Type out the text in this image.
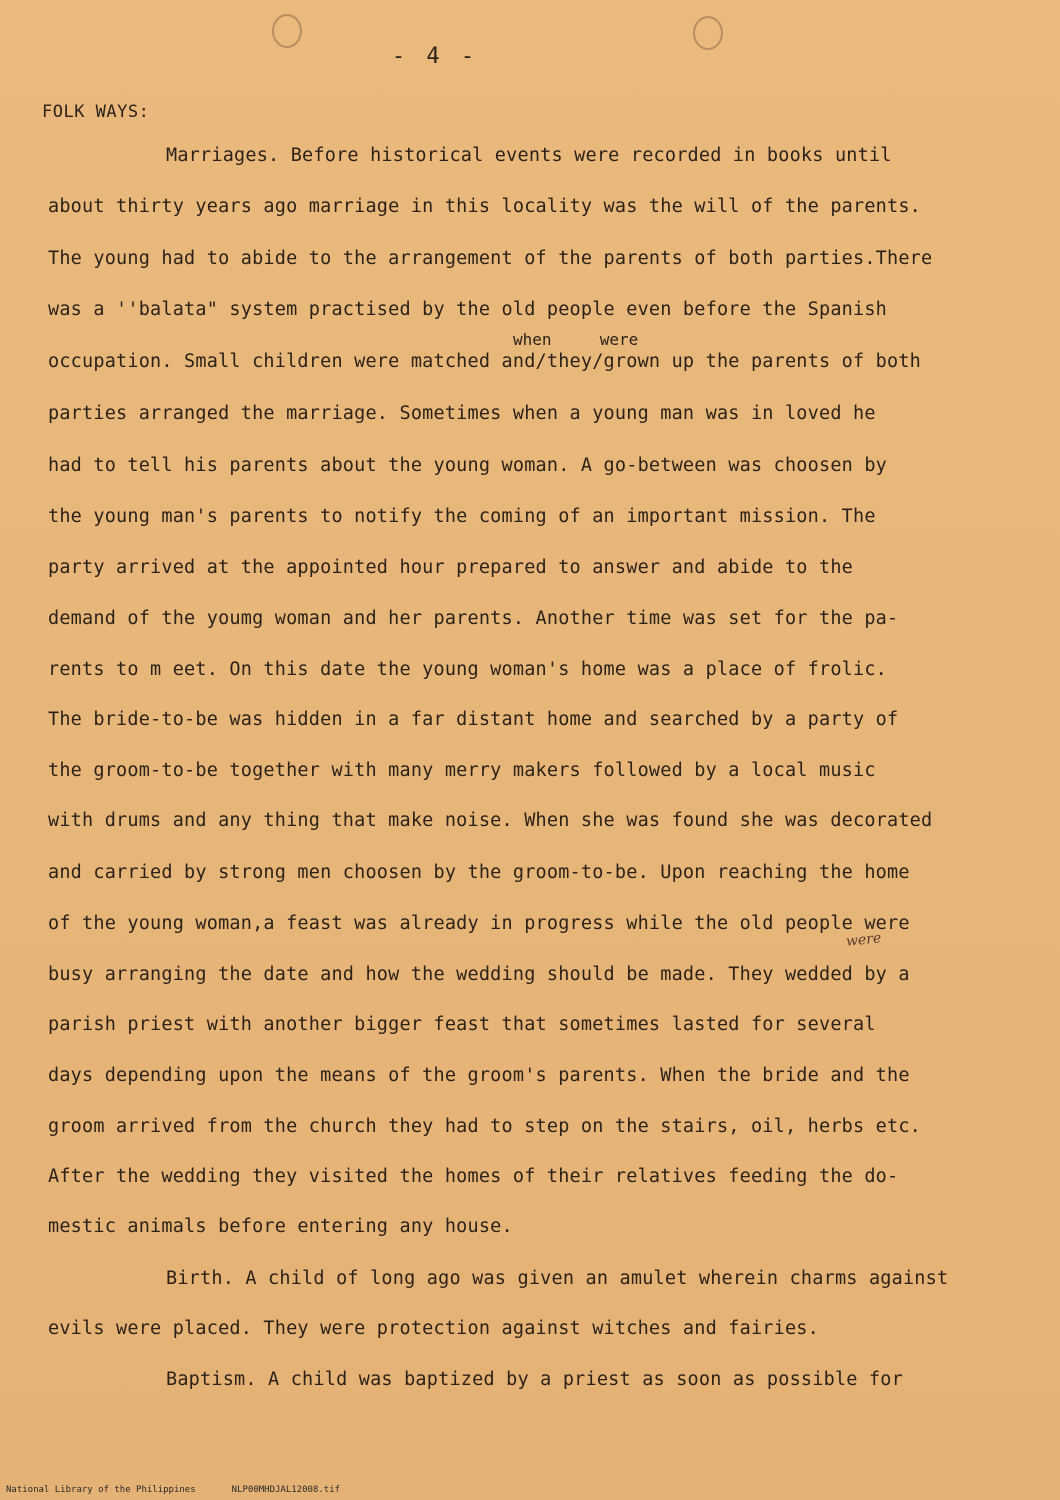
- 4 -
FOLK WAYS:
Marriages. Before historical events were recorded in books until
about thirty years ago marriage in this locality was the will of the parents.
The young had to abide to the arrangement of the parents of both parties.There
was a ''balata" system practised by the old people even before the Spanish
when     were
occupation. Small children were matched and/they/grown up the parents of both
parties arranged the marriage. Sometimes when a young man was in loved he
had to tell his parents about the young woman. A go-between was choosen by
the young man's parents to notify the coming of an important mission. The
party arrived at the appointed hour prepared to answer and abide to the
demand of the youmg woman and her parents. Another time was set for the pa-
rents to m eet. On this date the young woman's home was a place of frolic.
The bride-to-be was hidden in a far distant home and searched by a party of
the groom-to-be together with many merry makers followed by a local music
with drums and any thing that make noise. When she was found she was decorated
and carried by strong men choosen by the groom-to-be. Upon reaching the home
of the young woman,a feast was already in progress while the old people were
were
busy arranging the date and how the wedding should be made. They wedded by a
parish priest with another bigger feast that sometimes lasted for several
days depending upon the means of the groom's parents. When the bride and the
groom arrived from the church they had to step on the stairs, oil, herbs etc.
After the wedding they visited the homes of their relatives feeding the do-
mestic animals before entering any house.
Birth. A child of long ago was given an amulet wherein charms against
evils were placed. They were protection against witches and fairies.
Baptism. A child was baptized by a priest as soon as possible for
National Library of the Philippines	NLP00MHDJAL12008.tif
